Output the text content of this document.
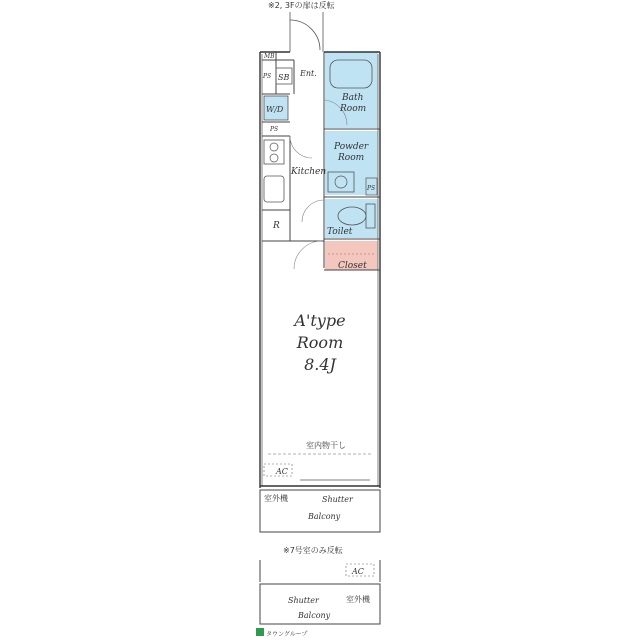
※2, 3Fの扉は反転
MB
PS SB Ent.
W/D
PS
Bath
Room
Powder
Room
PS
Toilet
Closet
Kitchen
R
A'type
Room
8.4J
室内物干し
AC
室外機	Shutter
Balcony
※7号室のみ反転
AC
Shutter	室外機
Balcony
タウングループ
